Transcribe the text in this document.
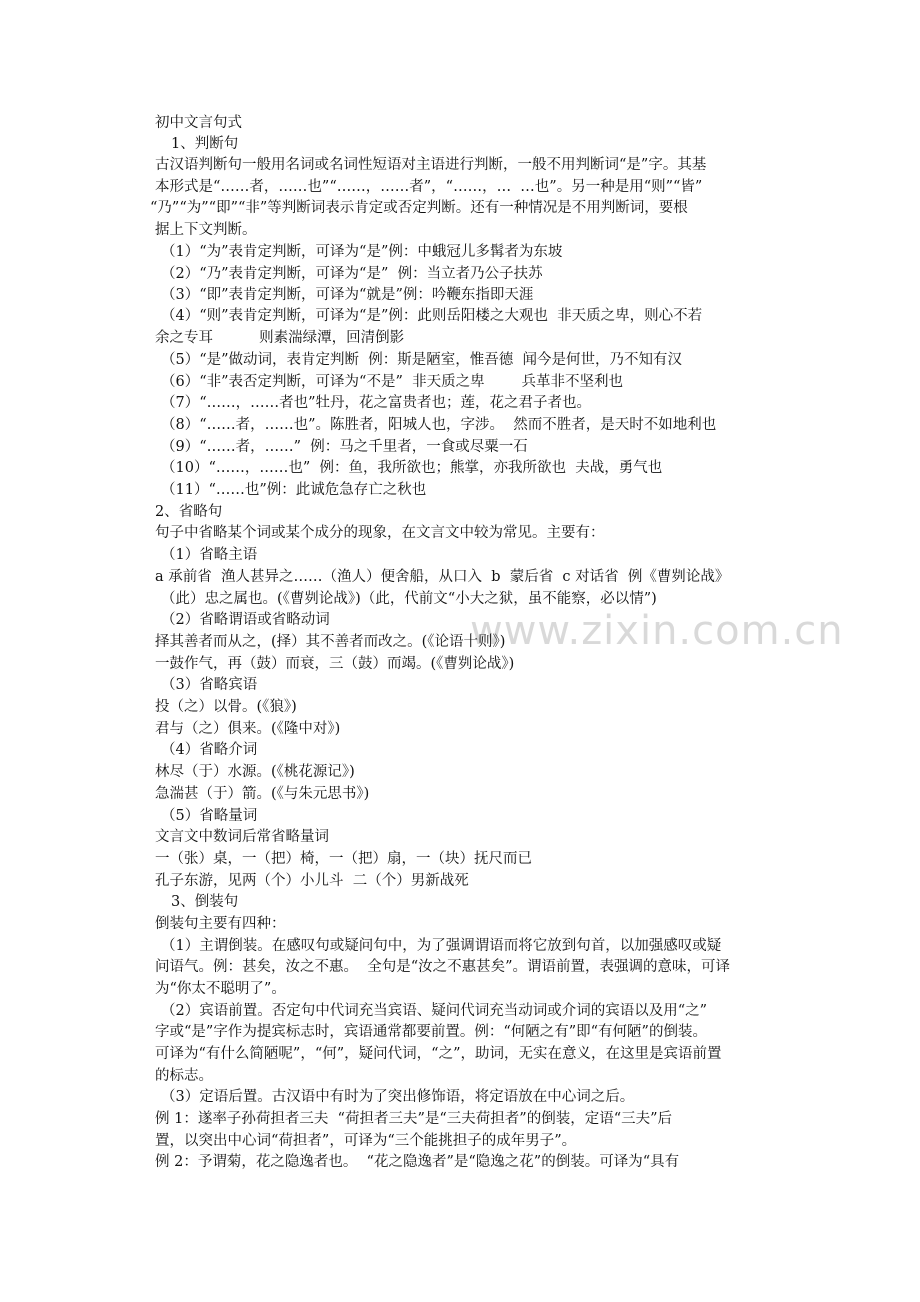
www.zixin.com.cn
初中文言句式
1、判断句
古汉语判断句一般用名词或名词性短语对主语进行判断，一般不用判断词“是”字。其基
本形式是“……者，……也”“……，……者”，“……，…  …也”。另一种是用“则”“皆”
“乃”“为”“即”“非”等判断词表示肯定或否定判断。还有一种情况是不用判断词，要根
据上下文判断。
（1）“为”表肯定判断，可译为“是”例：中蛾冠儿多髯者为东坡
（2）“乃”表肯定判断，可译为“是”  例：当立者乃公子扶苏
（3）“即”表肯定判断，可译为“就是”例：吟鞭东指即天涯
（4）“则”表肯定判断，可译为“是”例：此则岳阳楼之大观也  非天质之卑，则心不若
余之专耳          则素湍绿潭，回清倒影
（5）“是”做动词，表肯定判断  例：斯是陋室，惟吾德  闻今是何世，乃不知有汉
（6）“非”表否定判断，可译为“不是”  非天质之卑        兵革非不坚利也
（7）“……，……者也”牡丹，花之富贵者也；莲，花之君子者也。
（8）“……者，……也”。陈胜者，阳城人也，字涉。  然而不胜者，是天时不如地利也
（9）“……者，……”  例：马之千里者，一食或尽粟一石
（10）“……，……也”  例：鱼，我所欲也；熊掌，亦我所欲也  夫战，勇气也
（11）“……也”例：此诚危急存亡之秋也
2、省略句
句子中省略某个词或某个成分的现象，在文言文中较为常见。主要有：
（1）省略主语
a 承前省  渔人甚异之……（渔人）便舍船，从口入  b  蒙后省  c 对话省  例《曹刿论战》
（此）忠之属也。(《曹刿论战》)（此，代前文“小大之狱，虽不能察，必以情”)
（2）省略谓语或省略动词
择其善者而从之，(择）其不善者而改之。(《论语十则》)
一鼓作气，再（鼓）而衰，三（鼓）而竭。(《曹刿论战》)
（3）省略宾语
投（之）以骨。(《狼》)
君与（之）俱来。(《隆中对》)
（4）省略介词
林尽（于）水源。(《桃花源记》)
急湍甚（于）箭。(《与朱元思书》)
（5）省略量词
文言文中数词后常省略量词
一（张）桌，一（把）椅，一（把）扇，一（块）抚尺而已
孔子东游，见两（个）小儿斗  二（个）男新战死
3、倒装句
倒装句主要有四种：
（1）主谓倒装。在感叹句或疑问句中，为了强调谓语而将它放到句首，以加强感叹或疑
问语气。例：甚矣，汝之不惠。  全句是“汝之不惠甚矣”。谓语前置，表强调的意味，可译
为“你太不聪明了”。
（2）宾语前置。否定句中代词充当宾语、疑问代词充当动词或介词的宾语以及用“之”
字或“是”字作为提宾标志时，宾语通常都要前置。例：“何陋之有”即“有何陋”的倒装。
可译为“有什么简陋呢”，“何”，疑问代词，“之”，助词，无实在意义，在这里是宾语前置
的标志。
（3）定语后置。古汉语中有时为了突出修饰语，将定语放在中心词之后。
例 1：遂率子孙荷担者三夫  “荷担者三夫”是“三夫荷担者”的倒装，定语“三夫”后
置，以突出中心词“荷担者”，可译为“三个能挑担子的成年男子”。
例 2：予谓菊，花之隐逸者也。  “花之隐逸者”是“隐逸之花”的倒装。可译为“具有
